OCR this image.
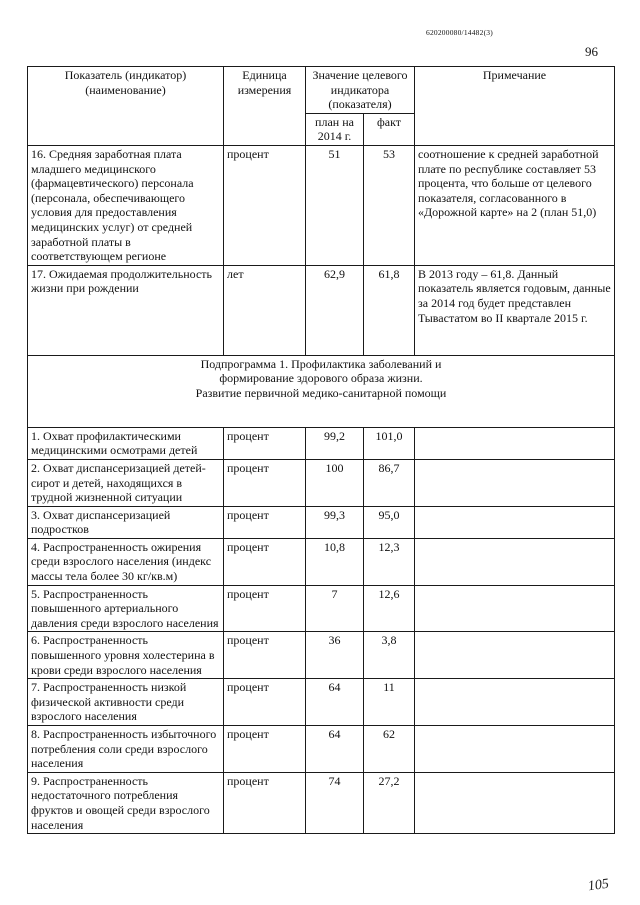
620200080/14482(3)
96
Показатель (индикатор) (наименование)	Единица измерения	Значение целевого индикатора (показателя)		Примечание
		план на 2014 г.	факт	
16. Средняя заработная плата младшего медицинского (фармацевтического) персонала (персонала, обеспечивающего условия для предоставления медицинских услуг) от средней заработной платы в соответствующем регионе	процент	51	53	соотношение к средней заработной плате по республике составляет 53 процента, что больше от целевого показателя, согласованного в «Дорожной карте» на 2 (план 51,0)
17. Ожидаемая продолжительность жизни при рождении	лет	62,9	61,8	В 2013 году – 61,8. Данный показатель является годовым, данные за 2014 год будет представлен Тывастатом во II квартале 2015 г.
Подпрограмма 1. Профилактика заболеваний и
формирование здорового образа жизни.
Развитие первичной медико-санитарной помощи				
1. Охват профилактическими медицинскими осмотрами детей	процент	99,2	101,0	
2. Охват диспансеризацией детей-сирот и детей, находящихся в трудной жизненной ситуации	процент	100	86,7	
3. Охват диспансеризацией подростков	процент	99,3	95,0	
4. Распространенность ожирения среди взрослого населения (индекс массы тела более 30 кг/кв.м)	процент	10,8	12,3	
5. Распространенность повышенного артериального давления среди взрослого населения	процент	7	12,6	
6. Распространенность повышенного уровня холестерина в крови среди взрослого населения	процент	36	3,8	
7. Распространенность низкой физической активности среди взрослого населения	процент	64	11	
8. Распространенность избыточного потребления соли среди взрослого населения	процент	64	62	
9. Распространенность недостаточного потребления фруктов и овощей среди взрослого населения	процент	74	27,2	
105
